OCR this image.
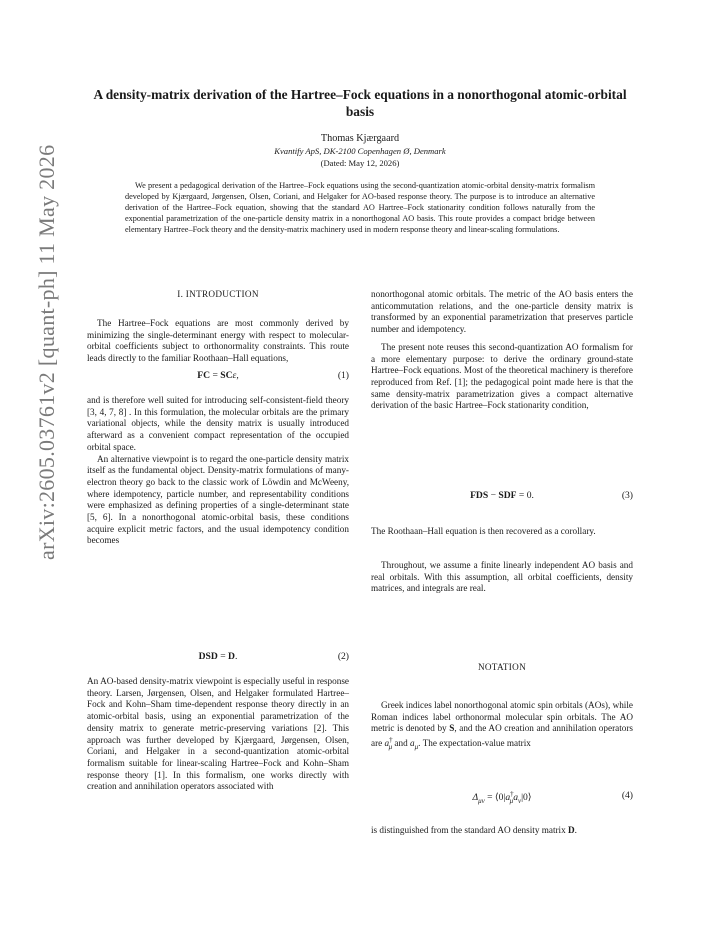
arXiv:2605.03761v2 [quant-ph] 11 May 2026
A density-matrix derivation of the Hartree–Fock equations in a nonorthogonal atomic-orbital basis
Thomas Kjærgaard
Kvantify ApS, DK-2100 Copenhagen Ø, Denmark
(Dated: May 12, 2026)
We present a pedagogical derivation of the Hartree–Fock equations using the second-quantization atomic-orbital density-matrix formalism developed by Kjærgaard, Jørgensen, Olsen, Coriani, and Helgaker for AO-based response theory. The purpose is to introduce an alternative derivation of the Hartree–Fock equation, showing that the standard AO Hartree–Fock stationarity condition follows naturally from the exponential parametrization of the one-particle density matrix in a nonorthogonal AO basis. This route provides a compact bridge between elementary Hartree–Fock theory and the density-matrix machinery used in modern response theory and linear-scaling formulations.
I. INTRODUCTION

The Hartree–Fock equations are most commonly derived by minimizing the single-determinant energy with respect to molecular-orbital coefficients subject to orthonormality constraints. This route leads directly to the familiar Roothaan–Hall equations,

FC = SCε,	(1)

and is therefore well suited for introducing self-consistent-field theory [3, 4, 7, 8] . In this formulation, the molecular orbitals are the primary variational objects, while the density matrix is usually introduced afterward as a convenient compact representation of the occupied orbital space.

An alternative viewpoint is to regard the one-particle density matrix itself as the fundamental object. Density-matrix formulations of many-electron theory go back to the classic work of Löwdin and McWeeny, where idempotency, particle number, and representability conditions were emphasized as defining properties of a single-determinant state [5, 6]. In a nonorthogonal atomic-orbital basis, these conditions acquire explicit metric factors, and the usual idempotency condition becomes

DSD = D.	(2)

An AO-based density-matrix viewpoint is especially useful in response theory. Larsen, Jørgensen, Olsen, and Helgaker formulated Hartree–Fock and Kohn–Sham time-dependent response theory directly in an atomic-orbital basis, using an exponential parametrization of the density matrix to generate metric-preserving variations [2]. This approach was further developed by Kjærgaard, Jørgensen, Olsen, Coriani, and Helgaker in a second-quantization atomic-orbital formalism suitable for linear-scaling Hartree–Fock and Kohn–Sham response theory [1]. In this formalism, one works directly with creation and annihilation operators associated with

nonorthogonal atomic orbitals. The metric of the AO basis enters the anticommutation relations, and the one-particle density matrix is transformed by an exponential parametrization that preserves particle number and idempotency.

The present note reuses this second-quantization AO formalism for a more elementary purpose: to derive the ordinary ground-state Hartree–Fock equations. Most of the theoretical machinery is therefore reproduced from Ref. [1]; the pedagogical point made here is that the same density-matrix parametrization gives a compact alternative derivation of the basic Hartree–Fock stationarity condition,

FDS − SDF = 0.	(3)

The Roothaan–Hall equation is then recovered as a corollary.

Throughout, we assume a finite linearly independent AO basis and real orbitals. With this assumption, all orbital coefficients, density matrices, and integrals are real.

NOTATION

Greek indices label nonorthogonal atomic spin orbitals (AOs), while Roman indices label orthonormal molecular spin orbitals. The AO metric is denoted by S, and the AO creation and annihilation operators are $a^\dagger_\mu$ and $a_\mu$. The expectation-value matrix

$\Delta_{\mu\nu}$ = $⟨0|a^\dagger_\mu a_\nu|0⟩$	(4)

is distinguished from the standard AO density matrix D.
